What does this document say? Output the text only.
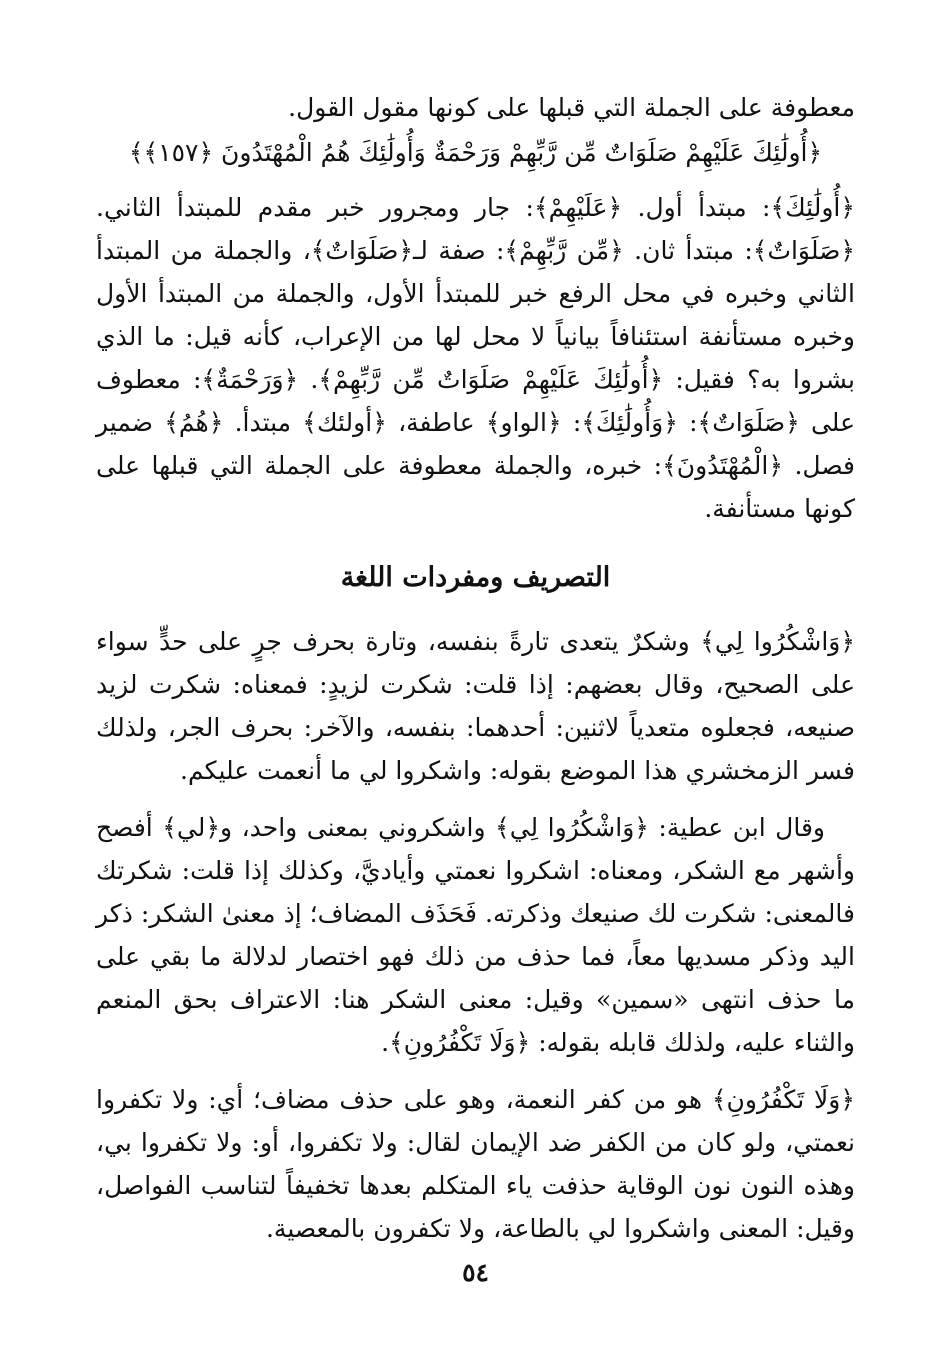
معطوفة على الجملة التي قبلها على كونها مقول القول.

﴿أُولَٰئِكَ عَلَيْهِمْ صَلَوَاتٌ مِّن رَّبِّهِمْ وَرَحْمَةٌ وَأُولَٰئِكَ هُمُ الْمُهْتَدُونَ ﴿١٥٧﴾﴾

﴿أُولَٰئِكَ﴾: مبتدأ أول. ﴿عَلَيْهِمْ﴾: جار ومجرور خبر مقدم للمبتدأ الثاني. ﴿صَلَوَاتٌ﴾: مبتدأ ثان. ﴿مِّن رَّبِّهِمْ﴾: صفة لـ﴿صَلَوَاتٌ﴾، والجملة من المبتدأ الثاني وخبره في محل الرفع خبر للمبتدأ الأول، والجملة من المبتدأ الأول وخبره مستأنفة استئنافاً بيانياً لا محل لها من الإعراب، كأنه قيل: ما الذي بشروا به؟ فقيل: ﴿أُولَٰئِكَ عَلَيْهِمْ صَلَوَاتٌ مِّن رَّبِّهِمْ﴾. ﴿وَرَحْمَةٌ﴾: معطوف على ﴿صَلَوَاتٌ﴾: ﴿وَأُولَٰئِكَ﴾: ﴿الواو﴾ عاطفة، ﴿أولئك﴾ مبتدأ. ﴿هُمُ﴾ ضمير فصل. ﴿الْمُهْتَدُونَ﴾: خبره، والجملة معطوفة على الجملة التي قبلها على كونها مستأنفة.

التصريف ومفردات اللغة

﴿وَاشْكُرُوا لِي﴾ وشكرٌ يتعدى تارةً بنفسه، وتارة بحرف جرٍ على حدٍّ سواء على الصحيح، وقال بعضهم: إذا قلت: شكرت لزيدٍ: فمعناه: شكرت لزيد صنيعه، فجعلوه متعدياً لاثنين: أحدهما: بنفسه، والآخر: بحرف الجر، ولذلك فسر الزمخشري هذا الموضع بقوله: واشكروا لي ما أنعمت عليكم.

وقال ابن عطية: ﴿وَاشْكُرُوا لِي﴾ واشكروني بمعنى واحد، و﴿لي﴾ أفصح وأشهر مع الشكر، ومعناه: اشكروا نعمتي وأياديَّ، وكذلك إذا قلت: شكرتك فالمعنى: شكرت لك صنيعك وذكرته. فَحَذَف المضاف؛ إذ معنىٰ الشكر: ذكر اليد وذكر مسديها معاً، فما حذف من ذلك فهو اختصار لدلالة ما بقي على ما حذف انتهى «سمين» وقيل: معنى الشكر هنا: الاعتراف بحق المنعم والثناء عليه، ولذلك قابله بقوله: ﴿وَلَا تَكْفُرُونِ﴾.

﴿وَلَا تَكْفُرُونِ﴾ هو من كفر النعمة، وهو على حذف مضاف؛ أي: ولا تكفروا نعمتي، ولو كان من الكفر ضد الإيمان لقال: ولا تكفروا، أو: ولا تكفروا بي، وهذه النون نون الوقاية حذفت ياء المتكلم بعدها تخفيفاً لتناسب الفواصل، وقيل: المعنى واشكروا لي بالطاعة، ولا تكفرون بالمعصية.

٥٤
